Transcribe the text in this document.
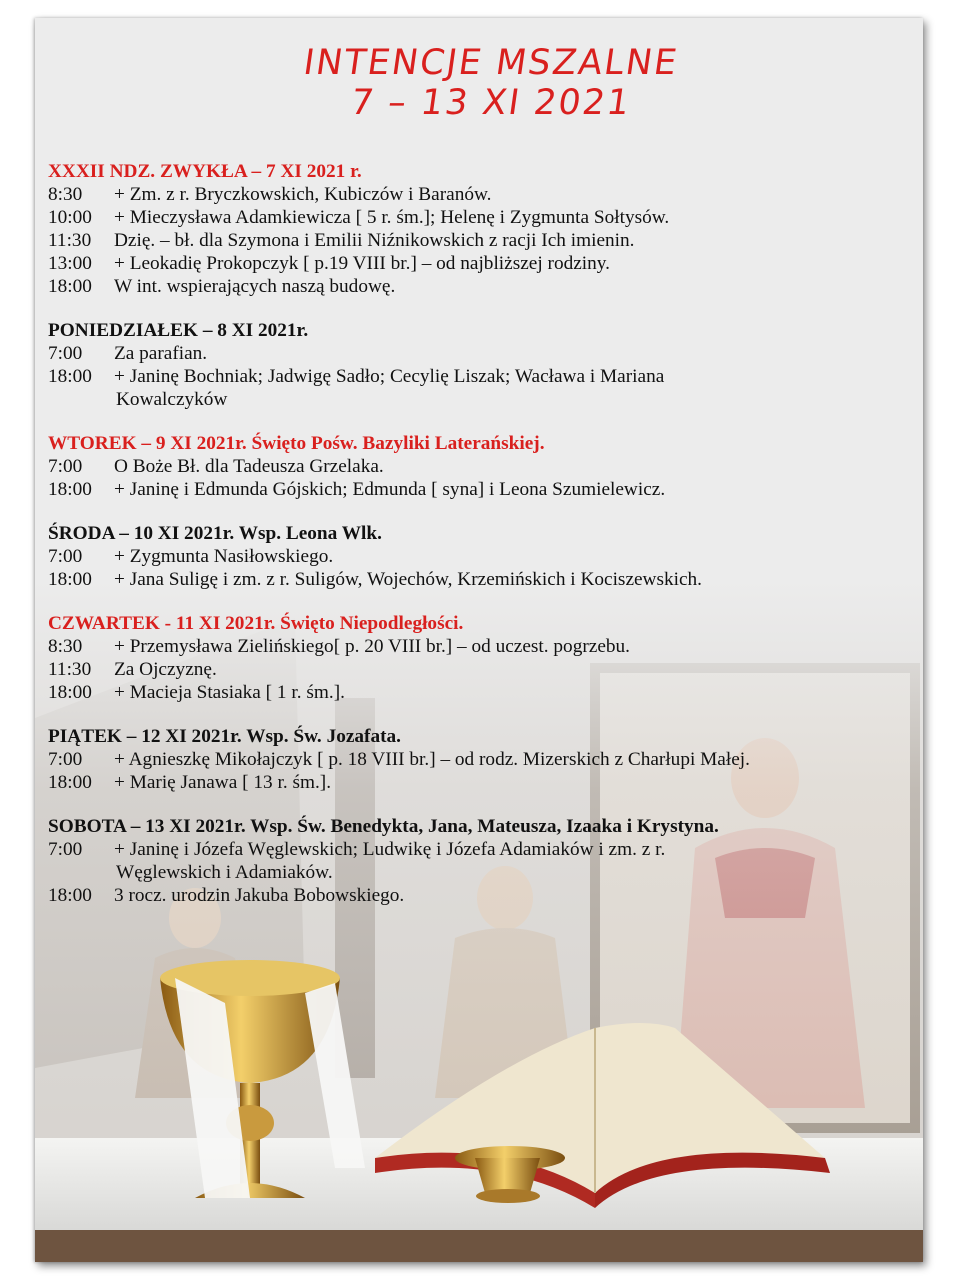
INTENCJE MSZALNE
7 – 13 XI 2021
XXXII NDZ. ZWYKŁA – 7 XI 2021 r.
8:30	+ Zm. z r. Bryczkowskich, Kubiczów i Baranów.
10:00	+ Mieczysława Adamkiewicza [ 5 r. śm.]; Helenę i Zygmunta Sołtysów.
11:30	Dzię. – bł. dla Szymona i Emilii Niźnikowskich z racji Ich imienin.
13:00	+ Leokadię Prokopczyk [ p.19 VIII br.] – od najbliższej rodziny.
18:00	W int. wspierających naszą budowę.
PONIEDZIAŁEK – 8 XI 2021r.
7:00	Za parafian.
18:00	+ Janinę Bochniak; Jadwigę Sadło; Cecylię Liszak; Wacława i Mariana
Kowalczyków
WTOREK – 9 XI 2021r. Święto Pośw. Bazyliki Laterańskiej.
7:00	O Boże Bł. dla Tadeusza Grzelaka.
18:00	+ Janinę i Edmunda Gójskich; Edmunda [ syna] i Leona Szumielewicz.
ŚRODA – 10 XI 2021r. Wsp. Leona Wlk.
7:00	+ Zygmunta Nasiłowskiego.
18:00	+ Jana Suligę i zm. z r. Suligów, Wojechów, Krzemińskich i Kociszewskich.
CZWARTEK - 11 XI 2021r. Święto Niepodległości.
8:30	+ Przemysława Zielińskiego[ p. 20 VIII br.] – od uczest. pogrzebu.
11:30	Za Ojczyznę.
18:00	+ Macieja Stasiaka [ 1 r. śm.].
PIĄTEK – 12 XI 2021r. Wsp. Św. Jozafata.
7:00	+ Agnieszkę Mikołajczyk [ p. 18 VIII br.] – od rodz. Mizerskich z Charłupi Małej.
18:00	+ Marię Janawa [ 13 r. śm.].
SOBOTA – 13 XI 2021r. Wsp. Św. Benedykta, Jana, Mateusza, Izaaka i Krystyna.
7:00	+ Janinę i Józefa Węglewskich; Ludwikę i Józefa Adamiaków i zm. z r.
Węglewskich i Adamiaków.
18:00	3 rocz. urodzin Jakuba Bobowskiego.
